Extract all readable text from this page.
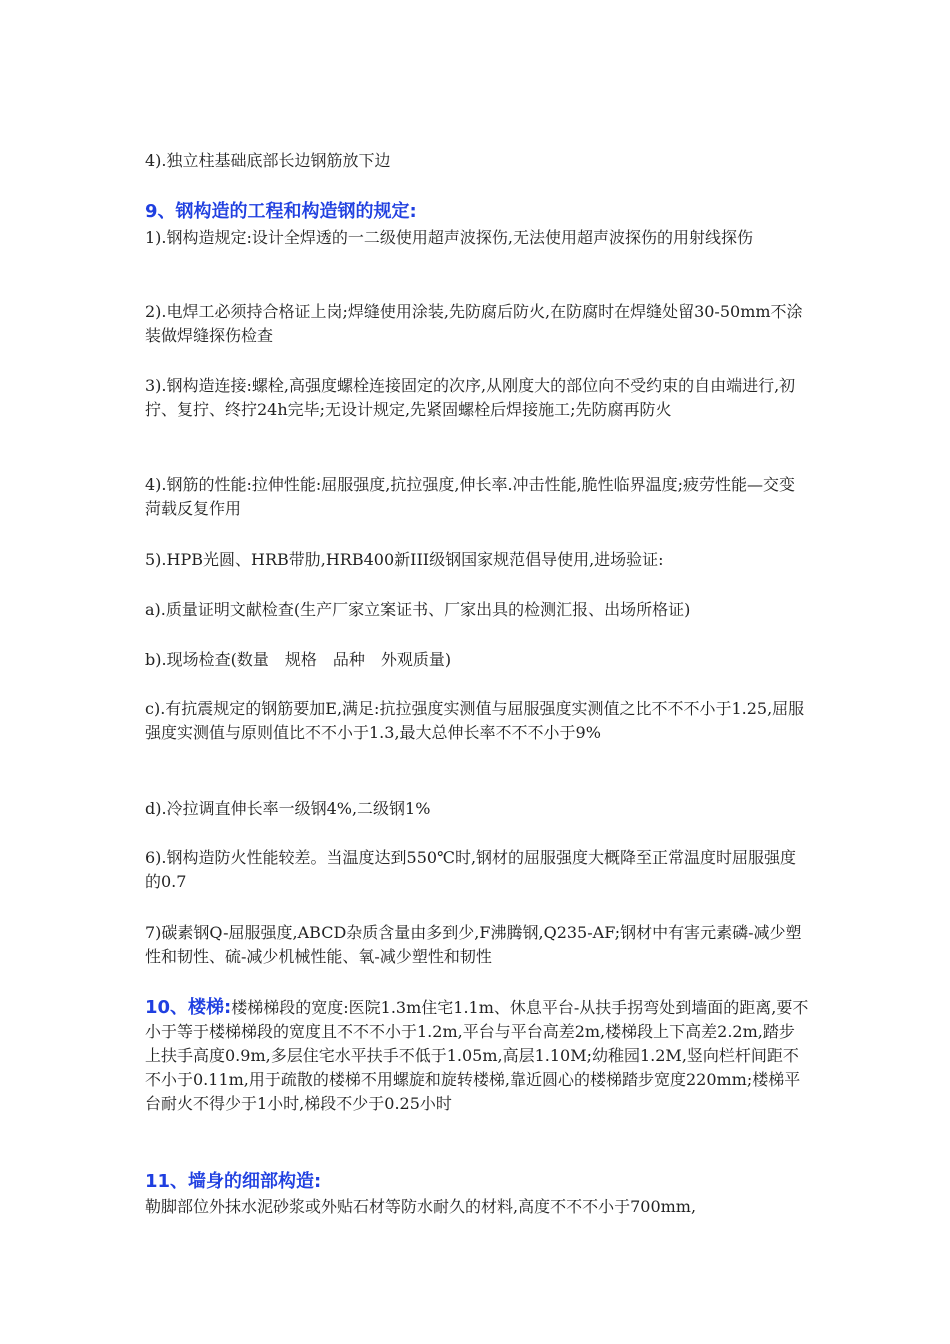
4).独立柱基础底部长边钢筋放下边

9、钢构造的工程和构造钢的规定:

1).钢构造规定:设计全焊透的一二级使用超声波探伤,无法使用超声波探伤的用射线探伤

2).电焊工必须持合格证上岗;焊缝使用涂装,先防腐后防火,在防腐时在焊缝处留30-50mm不涂装做焊缝探伤检查

3).钢构造连接:螺栓,高强度螺栓连接固定的次序,从刚度大的部位向不受约束的自由端进行,初拧、复拧、终拧24h完毕;无设计规定,先紧固螺栓后焊接施工;先防腐再防火

4).钢筋的性能:拉伸性能:屈服强度,抗拉强度,伸长率.冲击性能,脆性临界温度;疲劳性能—交变菏载反复作用

5).HPB光圆、HRB带肋,HRB400新III级钢国家规范倡导使用,进场验证:

a).质量证明文献检查(生产厂家立案证书、厂家出具的检测汇报、出场所格证)

b).现场检查(数量　规格　品种　外观质量)

c).有抗震规定的钢筋要加E,满足:抗拉强度实测值与屈服强度实测值之比不不不小于1.25,屈服强度实测值与原则值比不不小于1.3,最大总伸长率不不不小于9%

d).冷拉调直伸长率一级钢4%,二级钢1%

6).钢构造防火性能较差。当温度达到550℃时,钢材的屈服强度大概降至正常温度时屈服强度的0.7

7)碳素钢Q-屈服强度,ABCD杂质含量由多到少,F沸腾钢,Q235-AF;钢材中有害元素磷-减少塑性和韧性、硫-减少机械性能、氧-减少塑性和韧性

10、楼梯:楼梯梯段的宽度:医院1.3m住宅1.1m、休息平台-从扶手拐弯处到墙面的距离,要不小于等于楼梯梯段的宽度且不不不小于1.2m,平台与平台高差2m,楼梯段上下高差2.2m,踏步上扶手高度0.9m,多层住宅水平扶手不低于1.05m,高层1.10M;幼稚园1.2M,竖向栏杆间距不不小于0.11m,用于疏散的楼梯不用螺旋和旋转楼梯,靠近圆心的楼梯踏步宽度220mm;楼梯平台耐火不得少于1小时,梯段不少于0.25小时

11、墙身的细部构造:

勒脚部位外抹水泥砂浆或外贴石材等防水耐久的材料,高度不不不小于700mm,
